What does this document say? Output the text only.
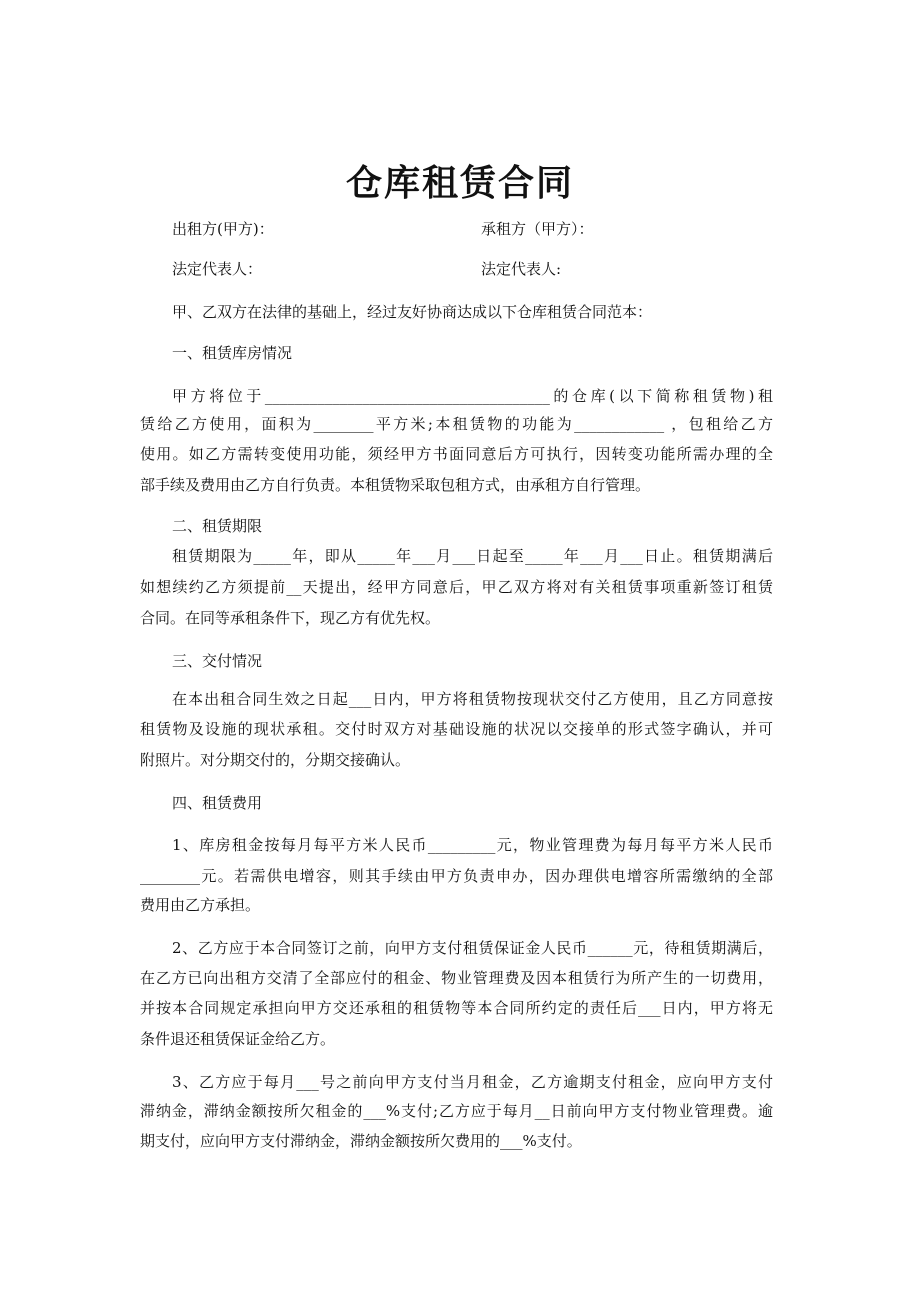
仓库租赁合同
出租方(甲方)：	承租方（甲方）：
法定代表人：	法定代表人:
甲、乙双方在法律的基础上，经过友好协商达成以下仓库租赁合同范本：
一、租赁库房情况
甲方将位于______________________________________的仓库(以下简称租赁物)租
赁给乙方使用，面积为________平方米;本租赁物的功能为____________ ，包租给乙方
使用。如乙方需转变使用功能，须经甲方书面同意后方可执行，因转变功能所需办理的全
部手续及费用由乙方自行负责。本租赁物采取包租方式，由承租方自行管理。
二、租赁期限
租赁期限为_____年，即从_____年___月___日起至_____年___月___日止。租赁期满后
如想续约乙方须提前__天提出，经甲方同意后，甲乙双方将对有关租赁事项重新签订租赁
合同。在同等承租条件下，现乙方有优先权。
三、交付情况
在本出租合同生效之日起___日内，甲方将租赁物按现状交付乙方使用，且乙方同意按
租赁物及设施的现状承租。交付时双方对基础设施的状况以交接单的形式签字确认，并可
附照片。对分期交付的，分期交接确认。
四、租赁费用
1、库房租金按每月每平方米人民币_________元，物业管理费为每月每平方米人民币
________元。若需供电增容，则其手续由甲方负责申办，因办理供电增容所需缴纳的全部
费用由乙方承担。
2、乙方应于本合同签订之前，向甲方支付租赁保证金人民币______元，待租赁期满后，
在乙方已向出租方交清了全部应付的租金、物业管理费及因本租赁行为所产生的一切费用，
并按本合同规定承担向甲方交还承租的租赁物等本合同所约定的责任后___日内，甲方将无
条件退还租赁保证金给乙方。
3、乙方应于每月___号之前向甲方支付当月租金，乙方逾期支付租金，应向甲方支付
滞纳金，滞纳金额按所欠租金的___%支付;乙方应于每月__日前向甲方支付物业管理费。逾
期支付，应向甲方支付滞纳金，滞纳金额按所欠费用的___%支付。
